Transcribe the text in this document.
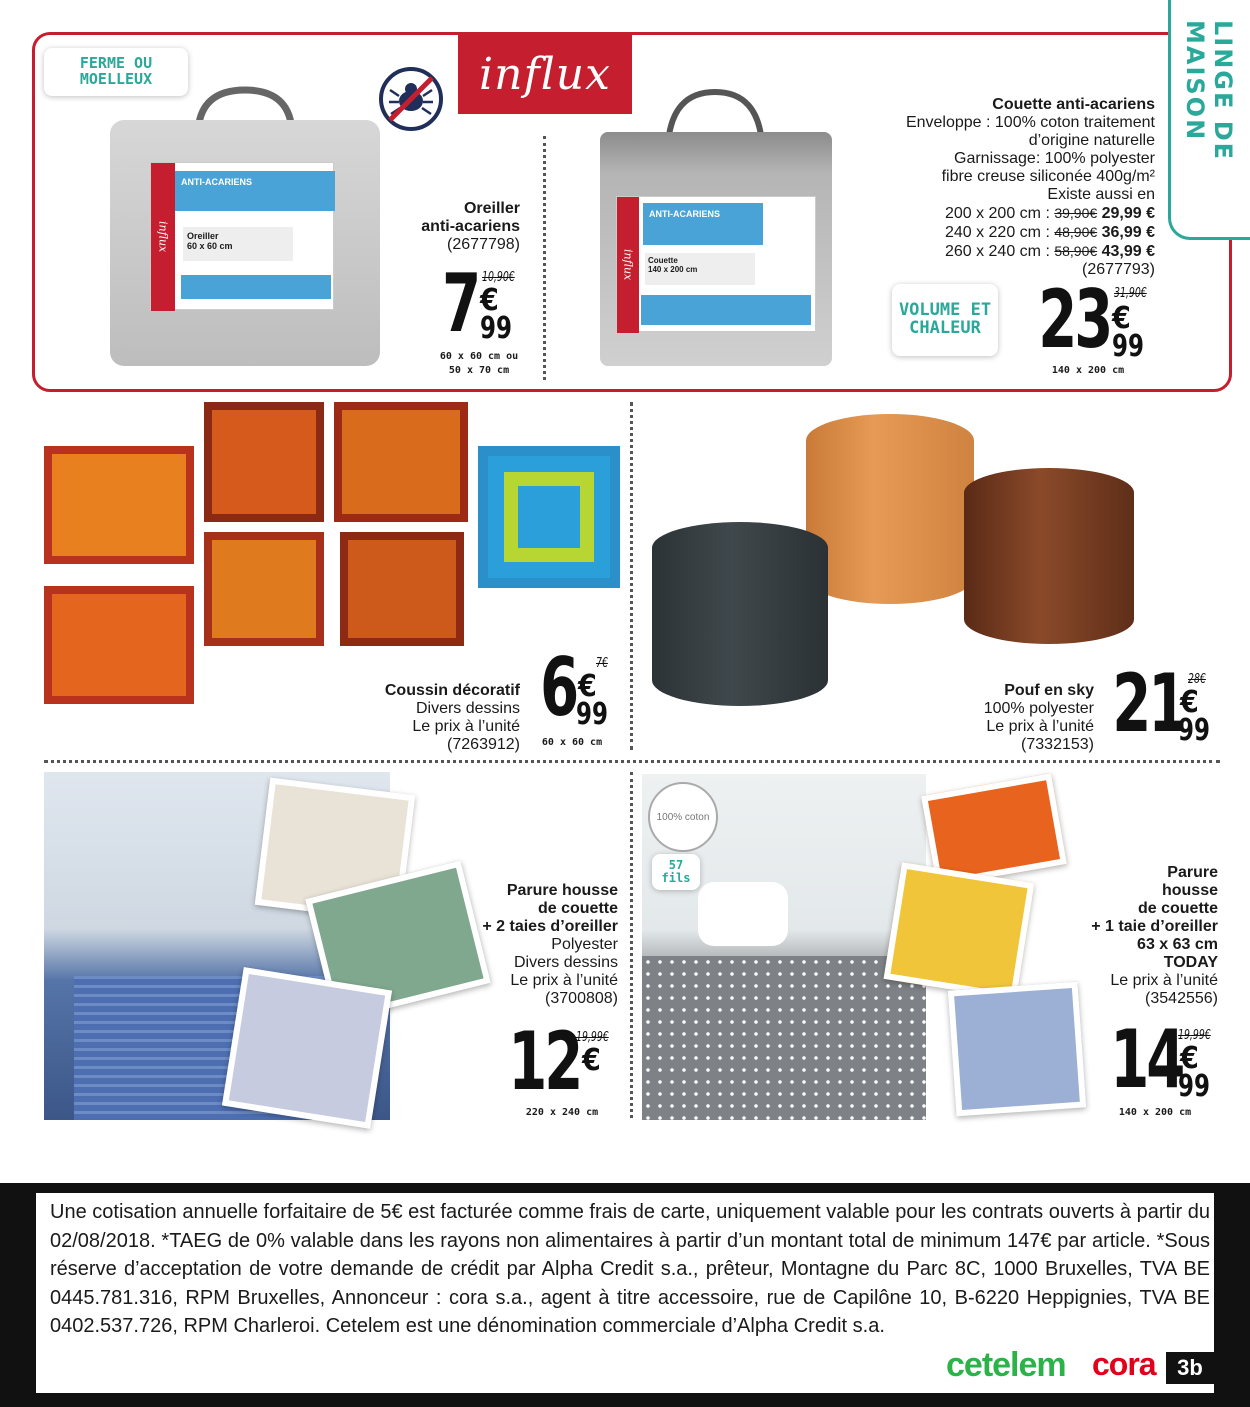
LINGE DE MAISON
FERME OU MOELLEUX	influx
influx
ANTI-ACARIENS
Oreiller
60 x 60 cm
Oreiller
anti-acariens
(2677798)
10,90€
7 €
99
60 x 60 cm ou
50 x 70 cm
influx
ANTI-ACARIENS
Couette
140 x 200 cm
Couette anti-acariens
Enveloppe : 100% coton traitement
d’origine naturelle
Garnissage: 100% polyester
fibre creuse siliconée 400g/m²
Existe aussi en
200 x 200 cm : 39,90€ 29,99 €
240 x 220 cm : 48,90€ 36,99 €
260 x 240 cm : 58,90€ 43,99 €
(2677793)
VOLUME ET CHALEUR
31,90€
23 €
99
140 x 200 cm
Coussin décoratif
Divers dessins
Le prix à l’unité
(7263912)
7€
6 €
99
60 x 60 cm
Pouf en sky
100% polyester
Le prix à l’unité
(7332153)
28€
21
€
99
Parure housse
de couette
+ 2 taies d’oreiller
Polyester
Divers dessins
Le prix à l’unité
(3700808)
19,99€
12 €
220 x 240 cm
100% coton
57 fils	Parure
housse
de couette
+ 1 taie d’oreiller
63 x 63 cm
TODAY
Le prix à l’unité
(3542556)
19,99€
14
€
99
140 x 200 cm
Une cotisation annuelle forfaitaire de 5€ est facturée comme frais de carte, uniquement valable pour les contrats ouverts à partir du 02/08/2018. *TAEG de 0% valable dans les rayons non alimentaires à partir d’un montant total de minimum 147€ par article. *Sous réserve d’acceptation de votre demande de crédit par Alpha Credit s.a., prêteur, Montagne du Parc 8C, 1000 Bruxelles, TVA BE 0445.781.316, RPM Bruxelles, Annonceur : cora s.a., agent à titre accessoire, rue de Capilône 10, B-6220 Heppignies, TVA BE 0402.537.726, RPM Charleroi. Cetelem est une dénomination commerciale d’Alpha Credit s.a.
cetelem cora 3b
